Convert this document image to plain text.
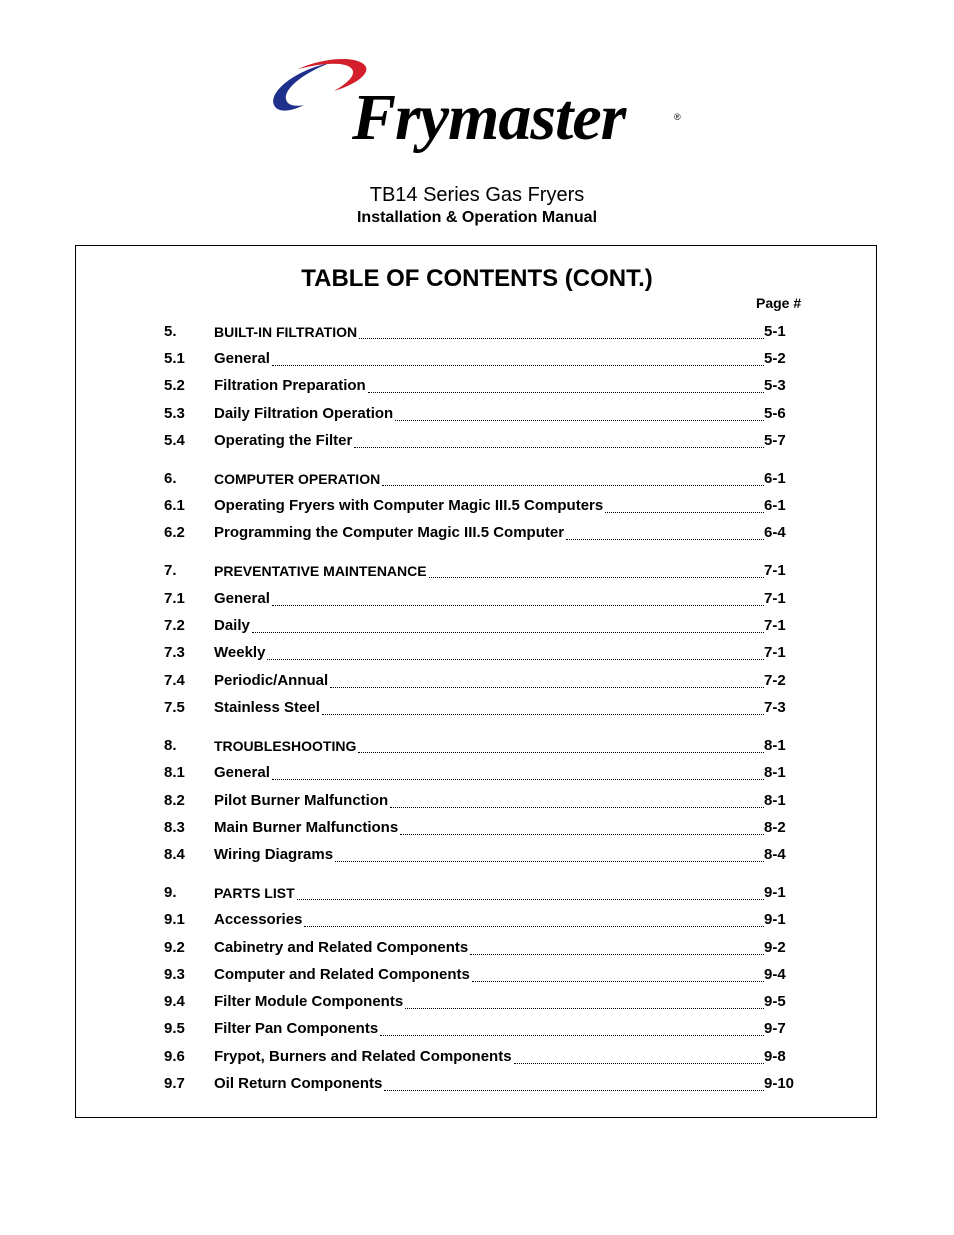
Frymaster	®
TB14 Series Gas Fryers
Installation & Operation Manual
TABLE OF CONTENTS (CONT.)
Page #
5.	BUILT-IN FILTRATION	5-1
5.1 General	5-2
5.2 Filtration Preparation	5-3
5.3 Daily Filtration Operation	5-6
5.4 Operating the Filter	5-7
6.	COMPUTER OPERATION	6-1
6.1 Operating Fryers with Computer Magic III.5 Computers	6-1
6.2 Programming the Computer Magic III.5 Computer	6-4
7.	PREVENTATIVE MAINTENANCE	7-1
7.1 General	7-1
7.2 Daily	7-1
7.3 Weekly	7-1
7.4 Periodic/Annual	7-2
7.5 Stainless Steel	7-3
8.	TROUBLESHOOTING	8-1
8.1 General	8-1
8.2 Pilot Burner Malfunction	8-1
8.3 Main Burner Malfunctions	8-2
8.4 Wiring Diagrams	8-4
9.	PARTS LIST	9-1
9.1 Accessories	9-1
9.2 Cabinetry and Related Components	9-2
9.3 Computer and Related Components	9-4
9.4 Filter Module Components	9-5
9.5 Filter Pan Components	9-7
9.6 Frypot, Burners and Related Components	9-8
9.7 Oil Return Components	9-10
